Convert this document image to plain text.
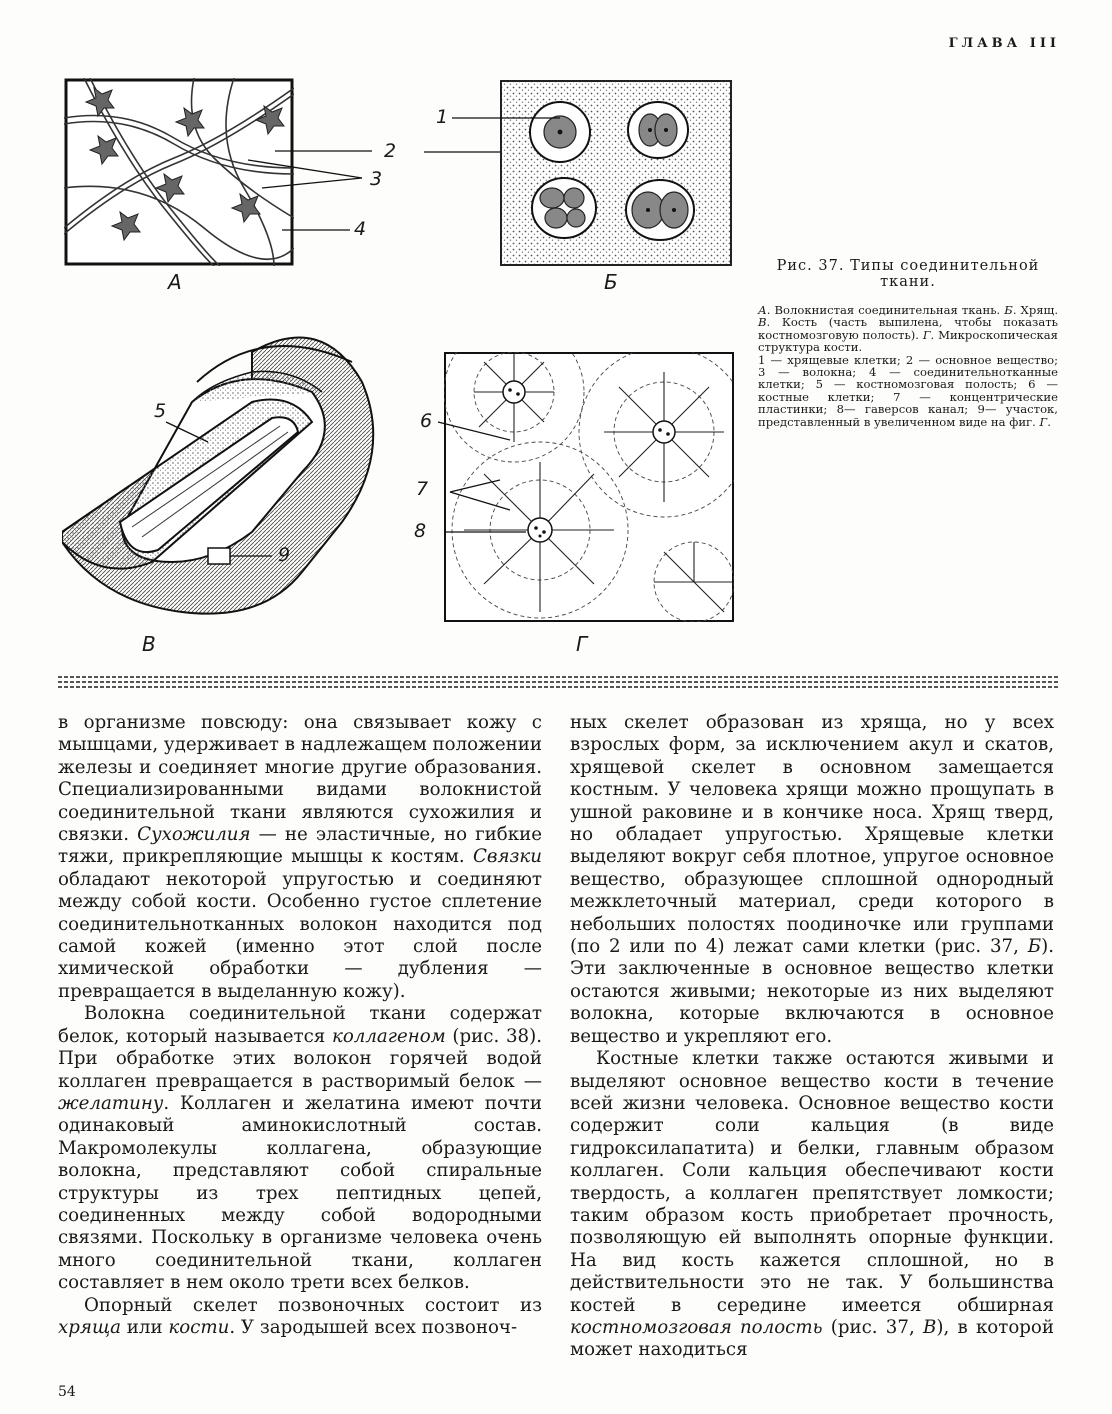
ГЛАВА III
А
2
3
4
Б
1
5
9
В
6
7
8
Г
Рис. 37. Типы соединительной ткани.

А. Волокнистая соединительная ткань. Б. Хрящ. В. Кость (часть выпилена, чтобы показать костномозговую полость). Г. Микроскопическая структура кости.

1 — хрящевые клетки; 2 — основное вещество; 3 — волокна; 4 — соединительнотканные клетки; 5 — костномозговая полость; 6 — костные клетки; 7 — концентрические пластинки; 8— гаверсов канал; 9— участок, представленный в увеличенном виде на фиг. Г.

в организме повсюду: она связывает кожу с мышцами, удерживает в надлежащем положении железы и соединяет многие другие образования. Специализированными видами волокнистой соединительной ткани являются сухожилия и связки. Сухожилия — не эластичные, но гибкие тяжи, прикрепляющие мышцы к костям. Связки обладают некоторой упругостью и соединяют между собой кости. Особенно густое сплетение соединительнотканных волокон находится под самой кожей (именно этот слой после химической обработки — дубления — превращается в выделанную кожу).

Волокна соединительной ткани содержат белок, который называется коллагеном (рис. 38). При обработке этих волокон горячей водой коллаген превращается в растворимый белок — желатину. Коллаген и желатина имеют почти одинаковый аминокислотный состав. Макромолекулы коллагена, образующие волокна, представляют собой спиральные структуры из трех пептидных цепей, соединенных между собой водородными связями. Поскольку в организме человека очень много соединительной ткани, коллаген составляет в нем около трети всех белков.

Опорный скелет позвоночных состоит из хряща или кости. У зародышей всех позвоноч-

ных скелет образован из хряща, но у всех взрослых форм, за исключением акул и скатов, хрящевой скелет в основном замещается костным. У человека хрящи можно прощупать в ушной раковине и в кончике носа. Хрящ тверд, но обладает упругостью. Хрящевые клетки выделяют вокруг себя плотное, упругое основное вещество, образующее сплошной однородный межклеточный материал, среди которого в небольших полостях поодиночке или группами (по 2 или по 4) лежат сами клетки (рис. 37, Б). Эти заключенные в основное вещество клетки остаются живыми; некоторые из них выделяют волокна, которые включаются в основное вещество и укрепляют его.

Костные клетки также остаются живыми и выделяют основное вещество кости в течение всей жизни человека. Основное вещество кости содержит соли кальция (в виде гидроксилапатита) и белки, главным образом коллаген. Соли кальция обеспечивают кости твердость, а коллаген препятствует ломкости; таким образом кость приобретает прочность, позволяющую ей выполнять опорные функции. На вид кость кажется сплошной, но в действительности это не так. У большинства костей в середине имеется обширная костномозговая полость (рис. 37, В), в которой может находиться

54
